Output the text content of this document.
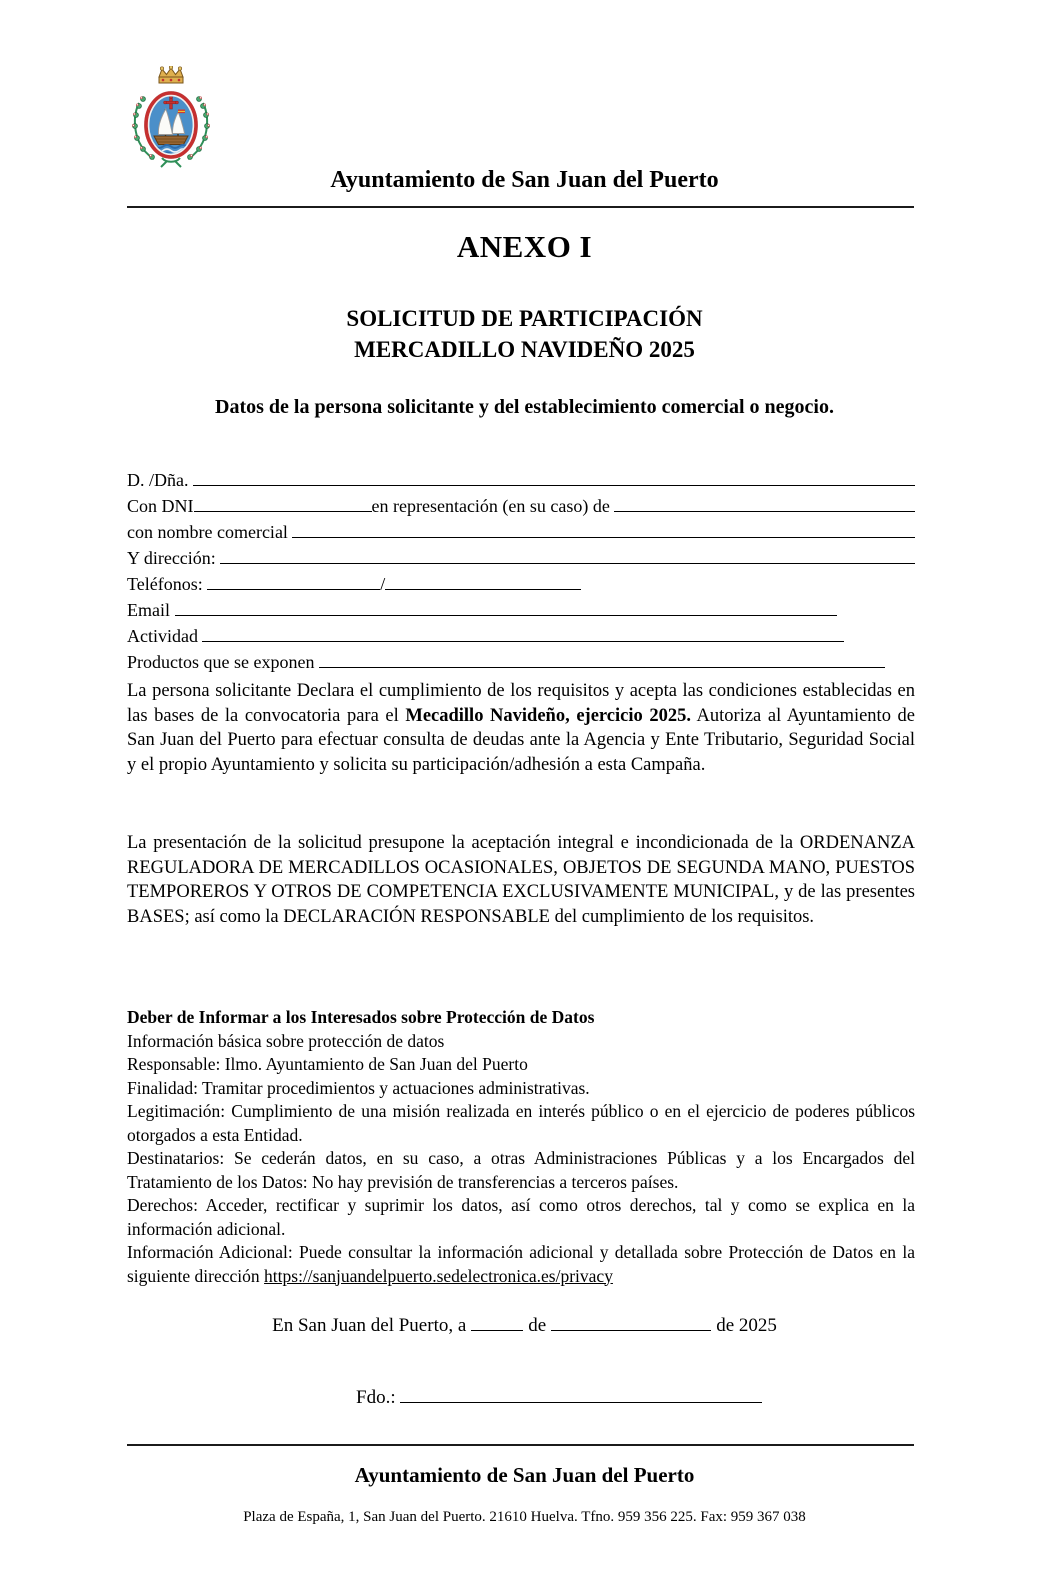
Ayuntamiento de San Juan del Puerto
ANEXO I
SOLICITUD DE PARTICIPACIÓN
MERCADILLO NAVIDEÑO 2025
Datos de la persona solicitante y del establecimiento comercial o negocio.
D. /Dña.
Con DNI	en representación (en su caso) de
con nombre comercial
Y dirección:
Teléfonos:	/
Email
Actividad
Productos que se exponen

La persona solicitante Declara el cumplimiento de los requisitos y acepta las condiciones establecidas en las bases de la convocatoria para el Mecadillo Navideño, ejercicio 2025. Autoriza al Ayuntamiento de San Juan del Puerto para efectuar consulta de deudas ante la Agencia y Ente Tributario, Seguridad Social y el propio Ayuntamiento y solicita su participación/adhesión a esta Campaña.

La presentación de la solicitud presupone la aceptación integral e incondicionada de la ORDENANZA REGULADORA DE MERCADILLOS OCASIONALES, OBJETOS DE SEGUNDA MANO, PUESTOS TEMPOREROS Y OTROS DE COMPETENCIA EXCLUSIVAMENTE MUNICIPAL, y de las presentes BASES; así como la DECLARACIÓN RESPONSABLE del cumplimiento de los requisitos.

Deber de Informar a los Interesados sobre Protección de Datos

Información básica sobre protección de datos

Responsable: Ilmo. Ayuntamiento de San Juan del Puerto

Finalidad: Tramitar procedimientos y actuaciones administrativas.

Legitimación: Cumplimiento de una misión realizada en interés público o en el ejercicio de poderes públicos otorgados a esta Entidad.

Destinatarios: Se cederán datos, en su caso, a otras Administraciones Públicas y a los Encargados del Tratamiento de los Datos: No hay previsión de transferencias a terceros países.

Derechos: Acceder, rectificar y suprimir los datos, así como otros derechos, tal y como se explica en la información adicional.

Información Adicional: Puede consultar la información adicional y detallada sobre Protección de Datos en la siguiente dirección https://sanjuandelpuerto.sedelectronica.es/privacy

En San Juan del Puerto, a	de	de 2025
Fdo.:
Ayuntamiento de San Juan del Puerto
Plaza de España, 1, San Juan del Puerto. 21610 Huelva. Tfno. 959 356 225. Fax: 959 367 038
